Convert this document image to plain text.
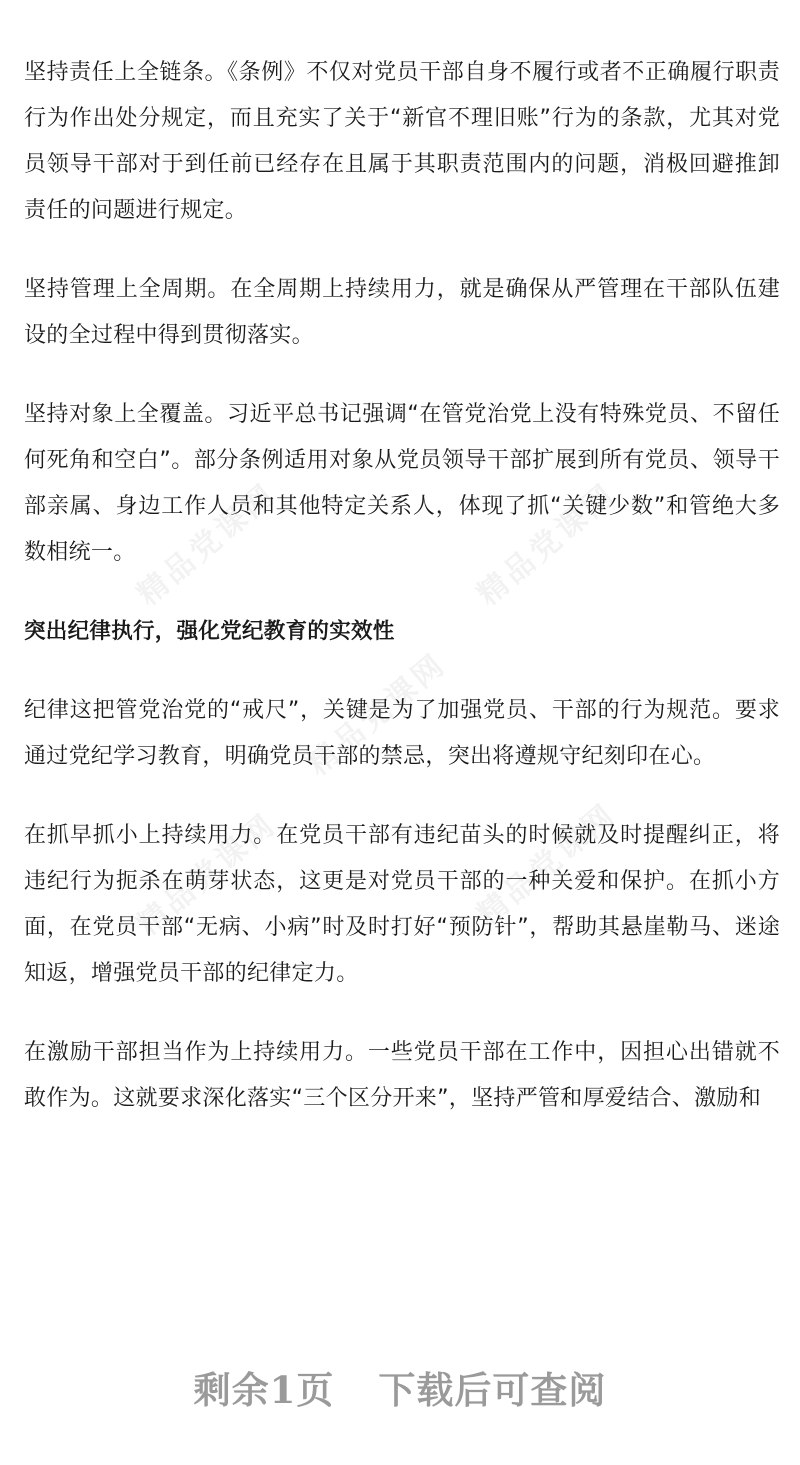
精品党课网	精品党课网
精品党课网
精品党课网	精品党课网

坚持责任上全链条。《条例》不仅对党员干部自身不履行或者不正确履行职责行为作出处分规定，而且充实了关于“新官不理旧账”行为的条款，尤其对党员领导干部对于到任前已经存在且属于其职责范围内的问题，消极回避推卸责任的问题进行规定。

坚持管理上全周期。在全周期上持续用力，就是确保从严管理在干部队伍建设的全过程中得到贯彻落实。

坚持对象上全覆盖。习近平总书记强调“在管党治党上没有特殊党员、不留任何死角和空白”。部分条例适用对象从党员领导干部扩展到所有党员、领导干部亲属、身边工作人员和其他特定关系人，体现了抓“关键少数”和管绝大多数相统一。

突出纪律执行，强化党纪教育的实效性

纪律这把管党治党的“戒尺”，关键是为了加强党员、干部的行为规范。要求通过党纪学习教育，明确党员干部的禁忌，突出将遵规守纪刻印在心。

在抓早抓小上持续用力。在党员干部有违纪苗头的时候就及时提醒纠正，将违纪行为扼杀在萌芽状态，这更是对党员干部的一种关爱和保护。在抓小方面，在党员干部“无病、小病”时及时打好“预防针”，帮助其悬崖勒马、迷途知返，增强党员干部的纪律定力。

在激励干部担当作为上持续用力。一些党员干部在工作中，因担心出错就不敢作为。这就要求深化落实“三个区分开来”，坚持严管和厚爱结合、激励和

剩余1页 下载后可查阅
